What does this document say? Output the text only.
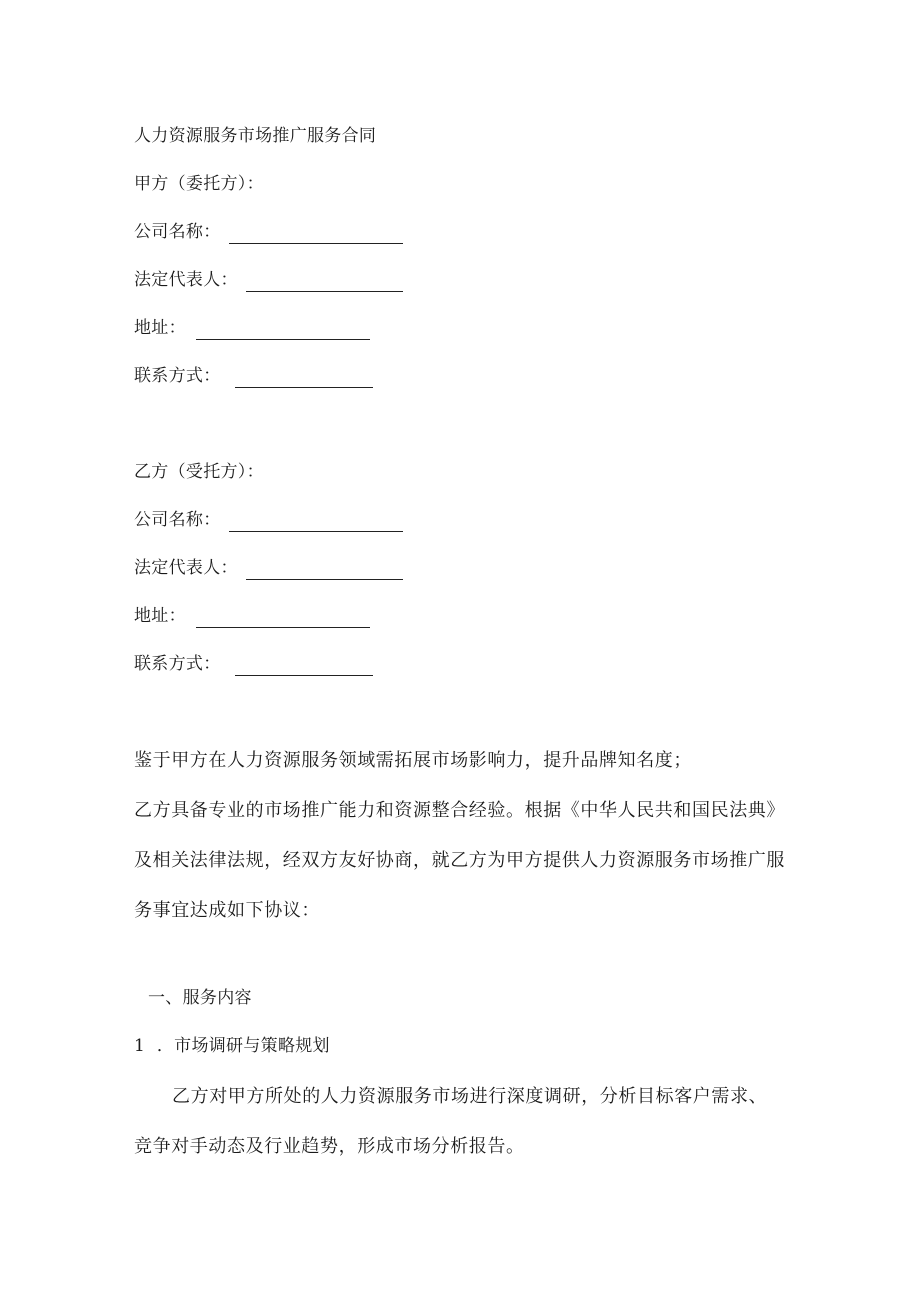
人力资源服务市场推广服务合同
甲方（委托方）：
公司名称：
法定代表人：
地址：
联系方式：
乙方（受托方）：
公司名称：
法定代表人：
地址：
联系方式：
鉴于甲方在人力资源服务领域需拓展市场影响力，提升品牌知名度；
乙方具备专业的市场推广能力和资源整合经验。根据《中华人民共和国民法典》
及相关法律法规，经双方友好协商，就乙方为甲方提供人力资源服务市场推广服
务事宜达成如下协议：
一、服务内容
1 ．市场调研与策略规划
乙方对甲方所处的人力资源服务市场进行深度调研，分析目标客户需求、
竞争对手动态及行业趋势，形成市场分析报告。
